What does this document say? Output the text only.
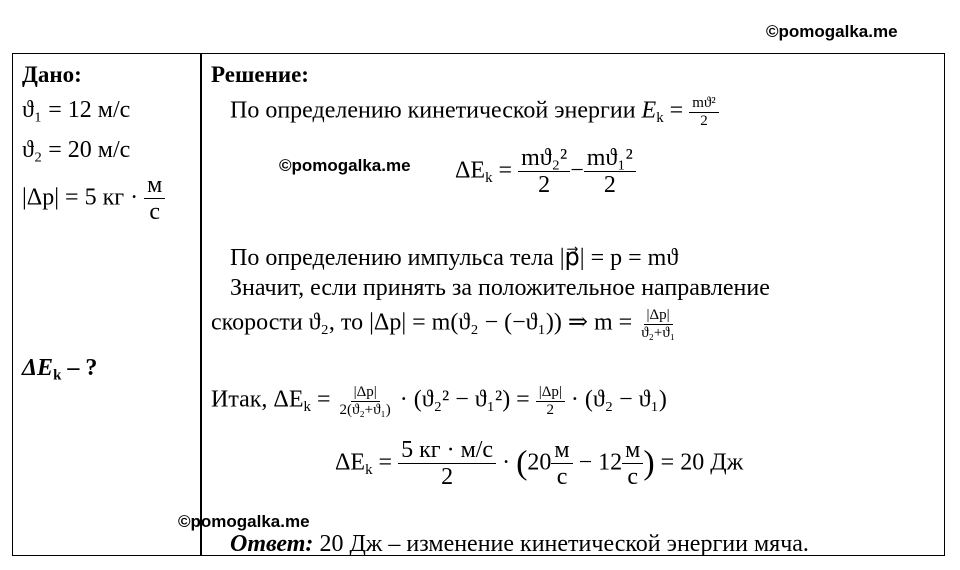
©pomogalka.me
Дано:
ϑ₁ = 12 м/с
ϑ₂ = 20 м/с
|Δp| = 5 кг · $\frac{м}{с}$
$\Delta E_k$ – ?
Решение:
По определению кинетической энергии $E_k = \frac{\text{mϑ²}}{2}$
©pomogalka.me $\Delta E_k = \frac{\text{mϑ₂²}}{2} - \frac{\text{mϑ₁²}}{2}$
По определению импульса тела |p⃗| = p = mϑ
Значит, если принять за положительное направление
скорости ϑ₂, то |Δp| = m(ϑ₂ − (−ϑ₁)) ⇒ $m = \frac{|\Delta p|}{\text{ϑ₂+ϑ₁}}$
Итак, $\Delta E_k = \frac{|\Delta p|}{\text{2(ϑ₂+ϑ₁)}} \cdot (ϑ_2^2 - ϑ_1^2) = \frac{|\Delta p|}{2} \cdot (ϑ_2 - ϑ_1)$
$\Delta E_k = \frac{5 кг \cdot м/с}{2} \cdot (20 \frac{м}{с} - 12 \frac{м}{с}$ ) = 20 Дж
©pomogalka.me
Ответ: 20 Дж – изменение кинетической энергии мяча.
